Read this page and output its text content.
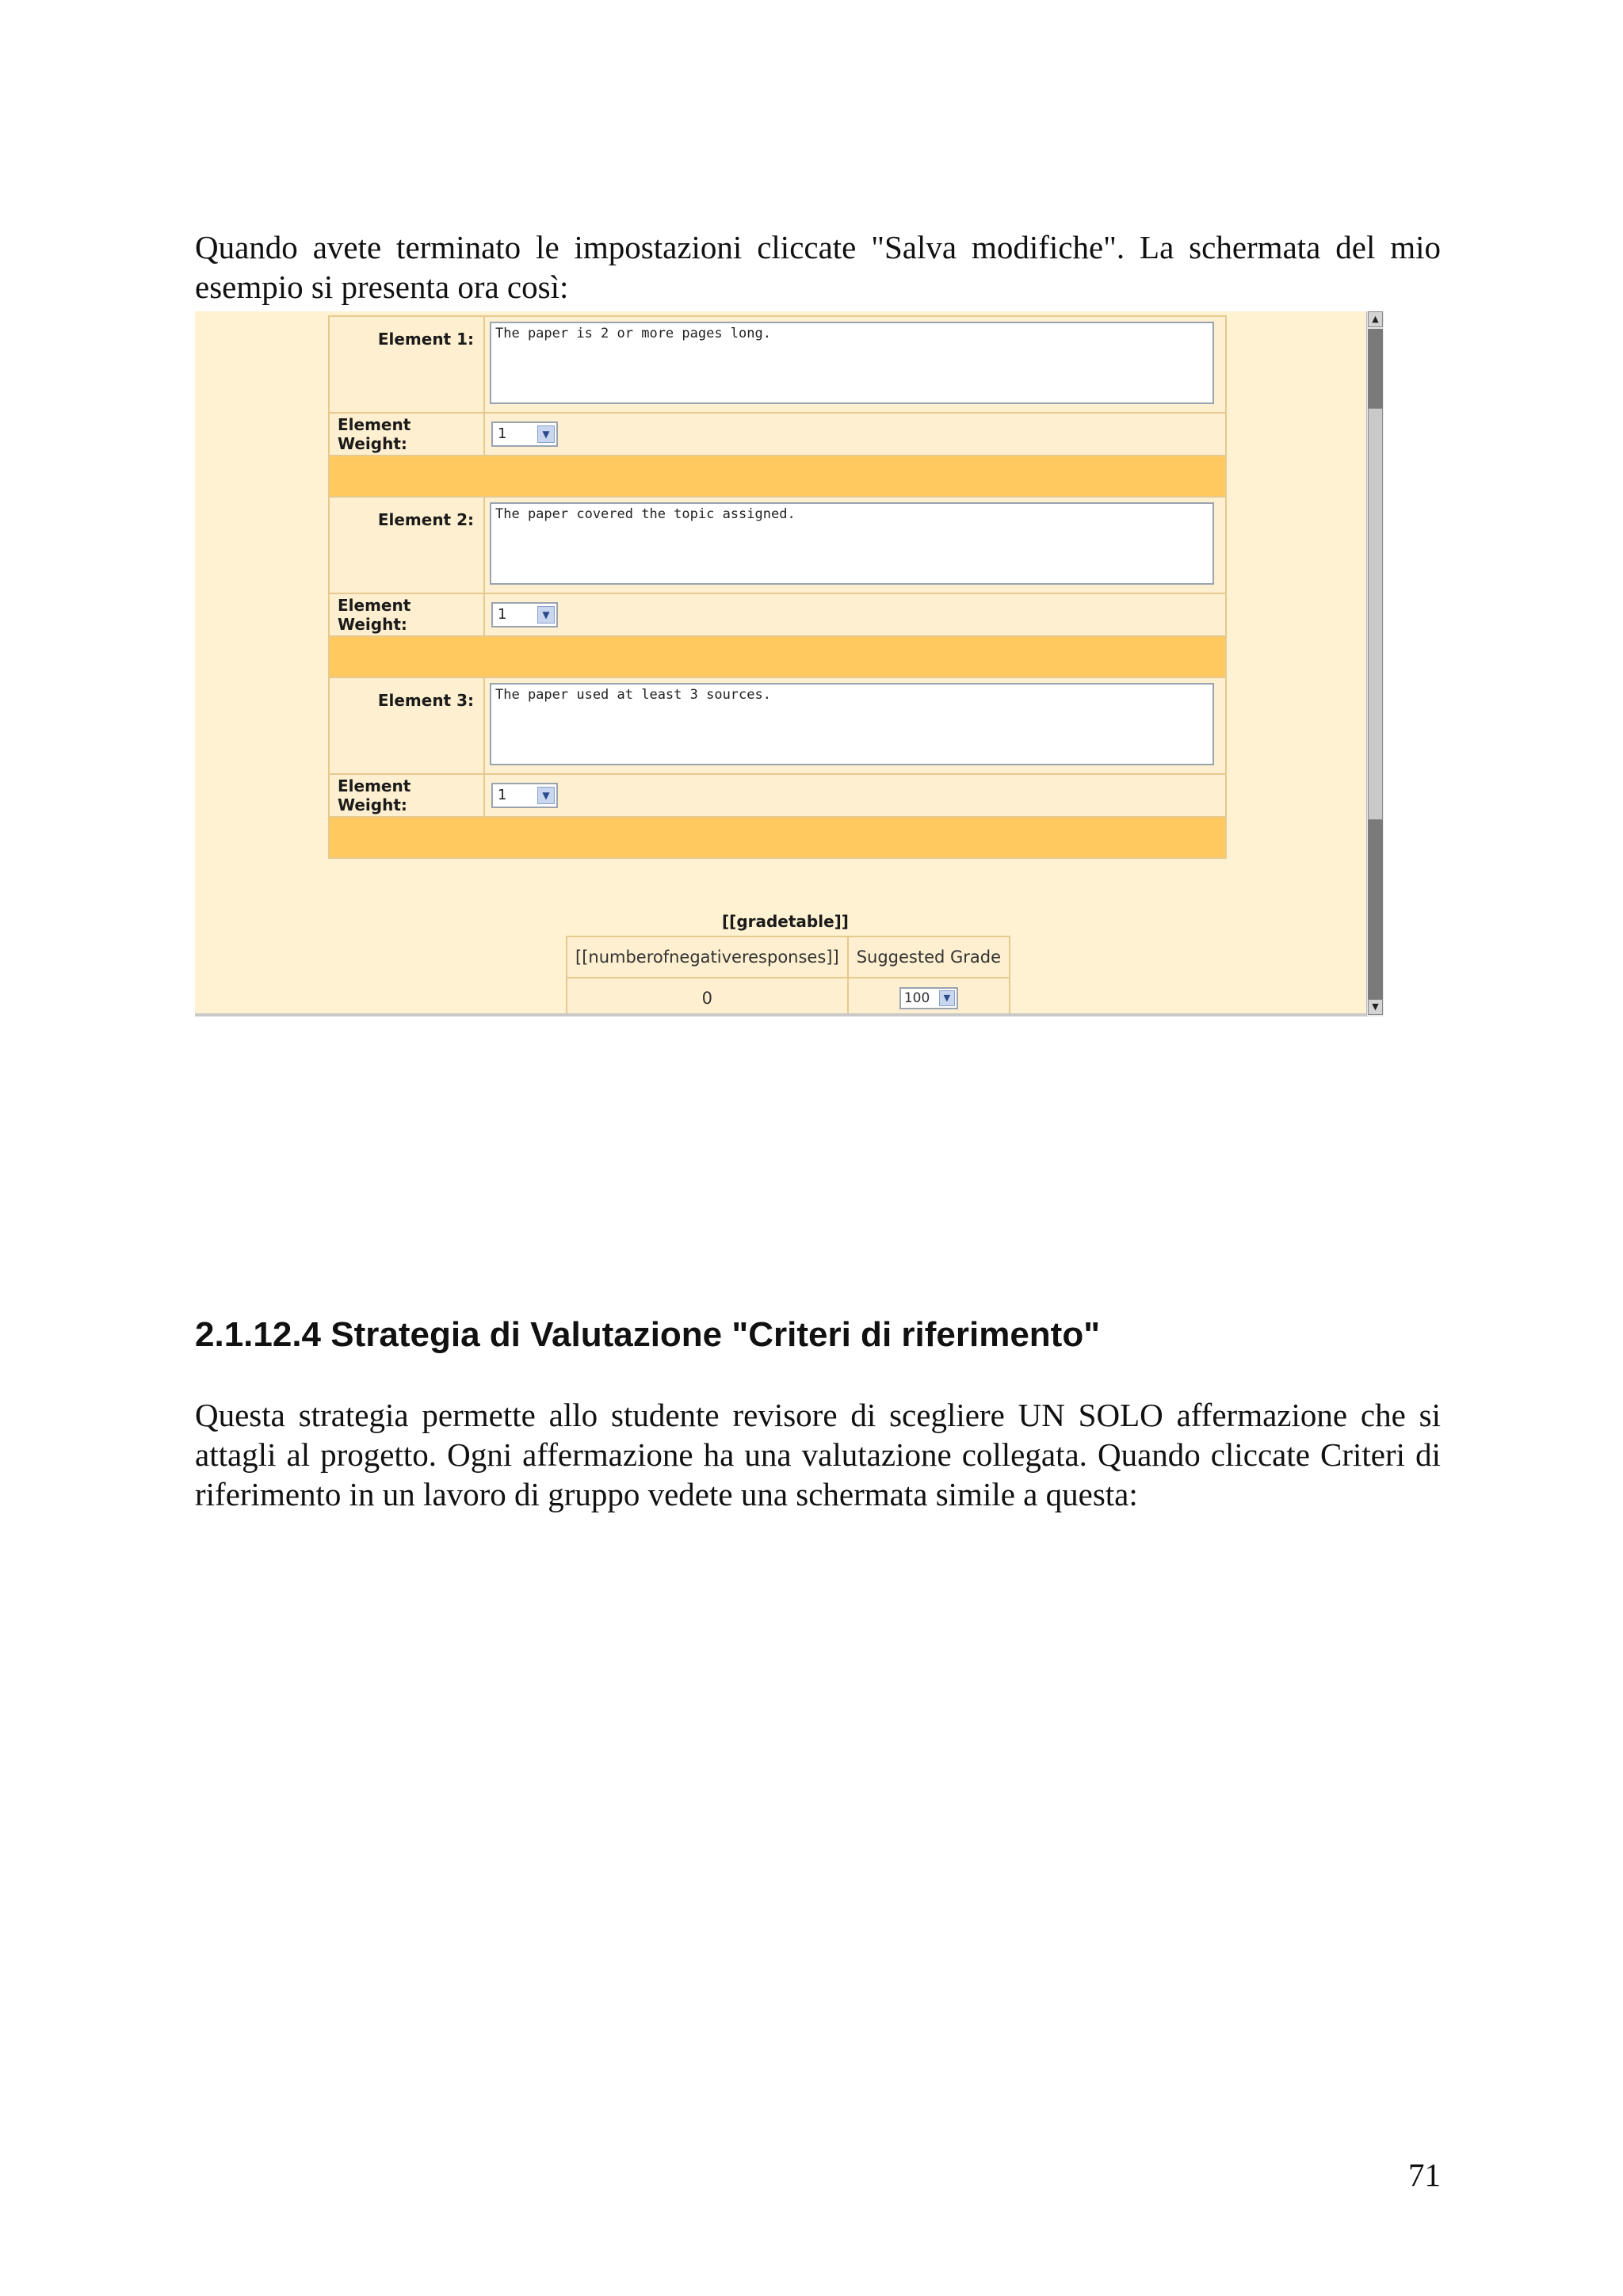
Quando avete terminato le impostazioni cliccate "Salva modifiche". La schermata del mio esempio si presenta ora così:

Element 1:	The paper is 2 or more pages long.
Element Weight:
1	▼
Element 2:	The paper covered the topic assigned.
Element Weight:
1	▼
Element 3:	The paper used at least 3 sources.
Element Weight:
1	▼
[[gradetable]]
[[numberofnegativeresponses]]	Suggested Grade
0	100 ▼
▲
▼
2.1.12.4 Strategia di Valutazione "Criteri di riferimento"

Questa strategia permette allo studente revisore di scegliere UN SOLO affermazione che si attagli al progetto. Ogni affermazione ha una valutazione collegata. Quando cliccate Criteri di riferimento in un lavoro di gruppo vedete una schermata simile a questa:

71
